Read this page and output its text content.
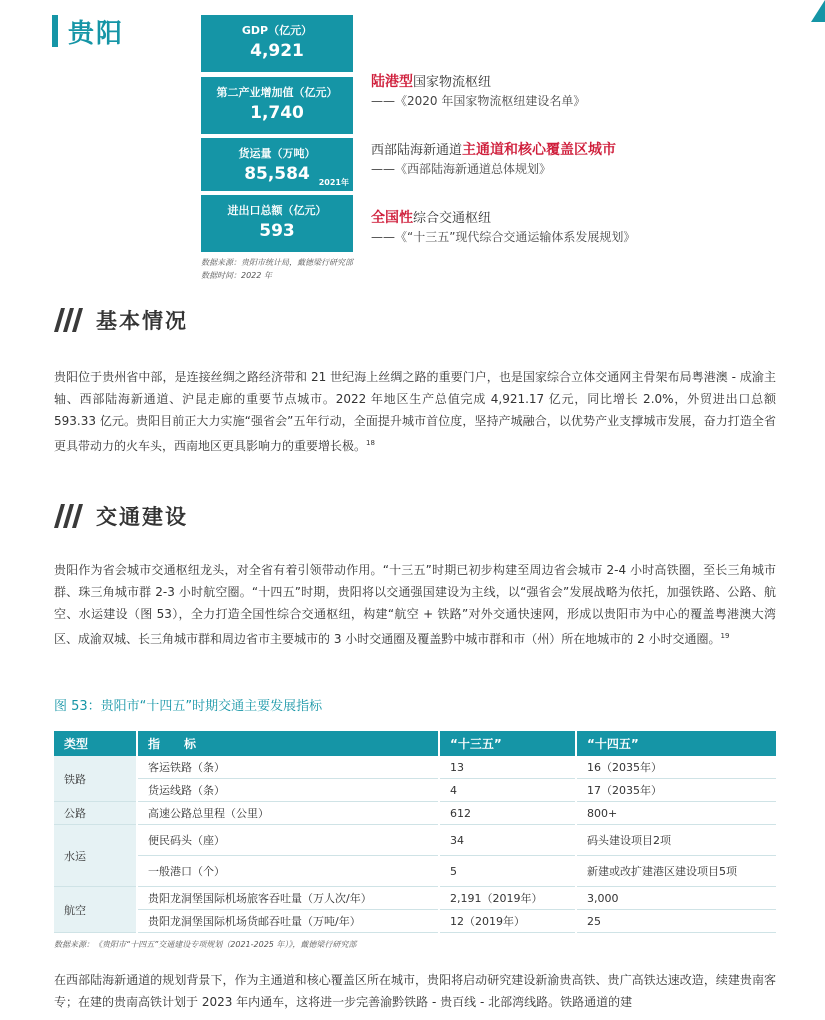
贵阳	GDP（亿元）
4,921
第二产业增加值（亿元）
1,740
货运量（万吨）
85,584	2021年
进出口总额（亿元）
593
数据来源：贵阳市统计局，戴德梁行研究部
数据时间：2022 年
陆港型国家物流枢纽
——《2020 年国家物流枢纽建设名单》
西部陆海新通道主通道和核心覆盖区城市
——《西部陆海新通道总体规划》
全国性综合交通枢纽
——《“十三五”现代综合交通运输体系发展规划》
基本情况

贵阳位于贵州省中部，是连接丝绸之路经济带和 21 世纪海上丝绸之路的重要门户，也是国家综合立体交通网主骨架布局粤港澳 - 成渝主轴、西部陆海新通道、沪昆走廊的重要节点城市。2022 年地区生产总值完成 4,921.17 亿元，同比增长 2.0%，外贸进出口总额 593.33 亿元。贵阳目前正大力实施“强省会”五年行动，全面提升城市首位度，坚持产城融合，以优势产业支撑城市发展，奋力打造全省更具带动力的火车头，西南地区更具影响力的重要增长极。$^{18}$

交通建设

贵阳作为省会城市交通枢纽龙头，对全省有着引领带动作用。“十三五”时期已初步构建至周边省会城市 2-4 小时高铁圈，至长三角城市群、珠三角城市群 2-3 小时航空圈。“十四五”时期，贵阳将以交通强国建设为主线，以“强省会”发展战略为依托，加强铁路、公路、航空、水运建设（图 53），全力打造全国性综合交通枢纽，构建“航空 + 铁路”对外交通快速网，形成以贵阳市为中心的覆盖粤港澳大湾区、成渝双城、长三角城市群和周边省市主要城市的 3 小时交通圈及覆盖黔中城市群和市（州）所在地城市的 2 小时交通圈。$^{19}$

图 53：贵阳市“十四五”时期交通主要发展指标
类型	指　　标	“十三五”	“十四五”
铁路	客运铁路（条）	13	16（2035年）
	货运线路（条）	4	17（2035年）
公路	高速公路总里程（公里）	612	800+
水运	便民码头（座）	34	码头建设项目2项
	一般港口（个）	5	新建或改扩建港区建设项目5项
航空	贵阳龙洞堡国际机场旅客吞吐量（万人次/年）	2,191（2019年）	3,000
	贵阳龙洞堡国际机场货邮吞吐量（万吨/年）	12（2019年）	25
数据来源：《贵阳市“十四五”交通建设专项规划（2021-2025 年）》，戴德梁行研究部

在西部陆海新通道的规划背景下，作为主通道和核心覆盖区所在城市，贵阳将启动研究建设新渝贵高铁、贵广高铁达速改造，续建贵南客专；在建的贵南高铁计划于 2023 年内通车，这将进一步完善渝黔铁路 - 贵百线 - 北部湾线路。铁路通道的建
